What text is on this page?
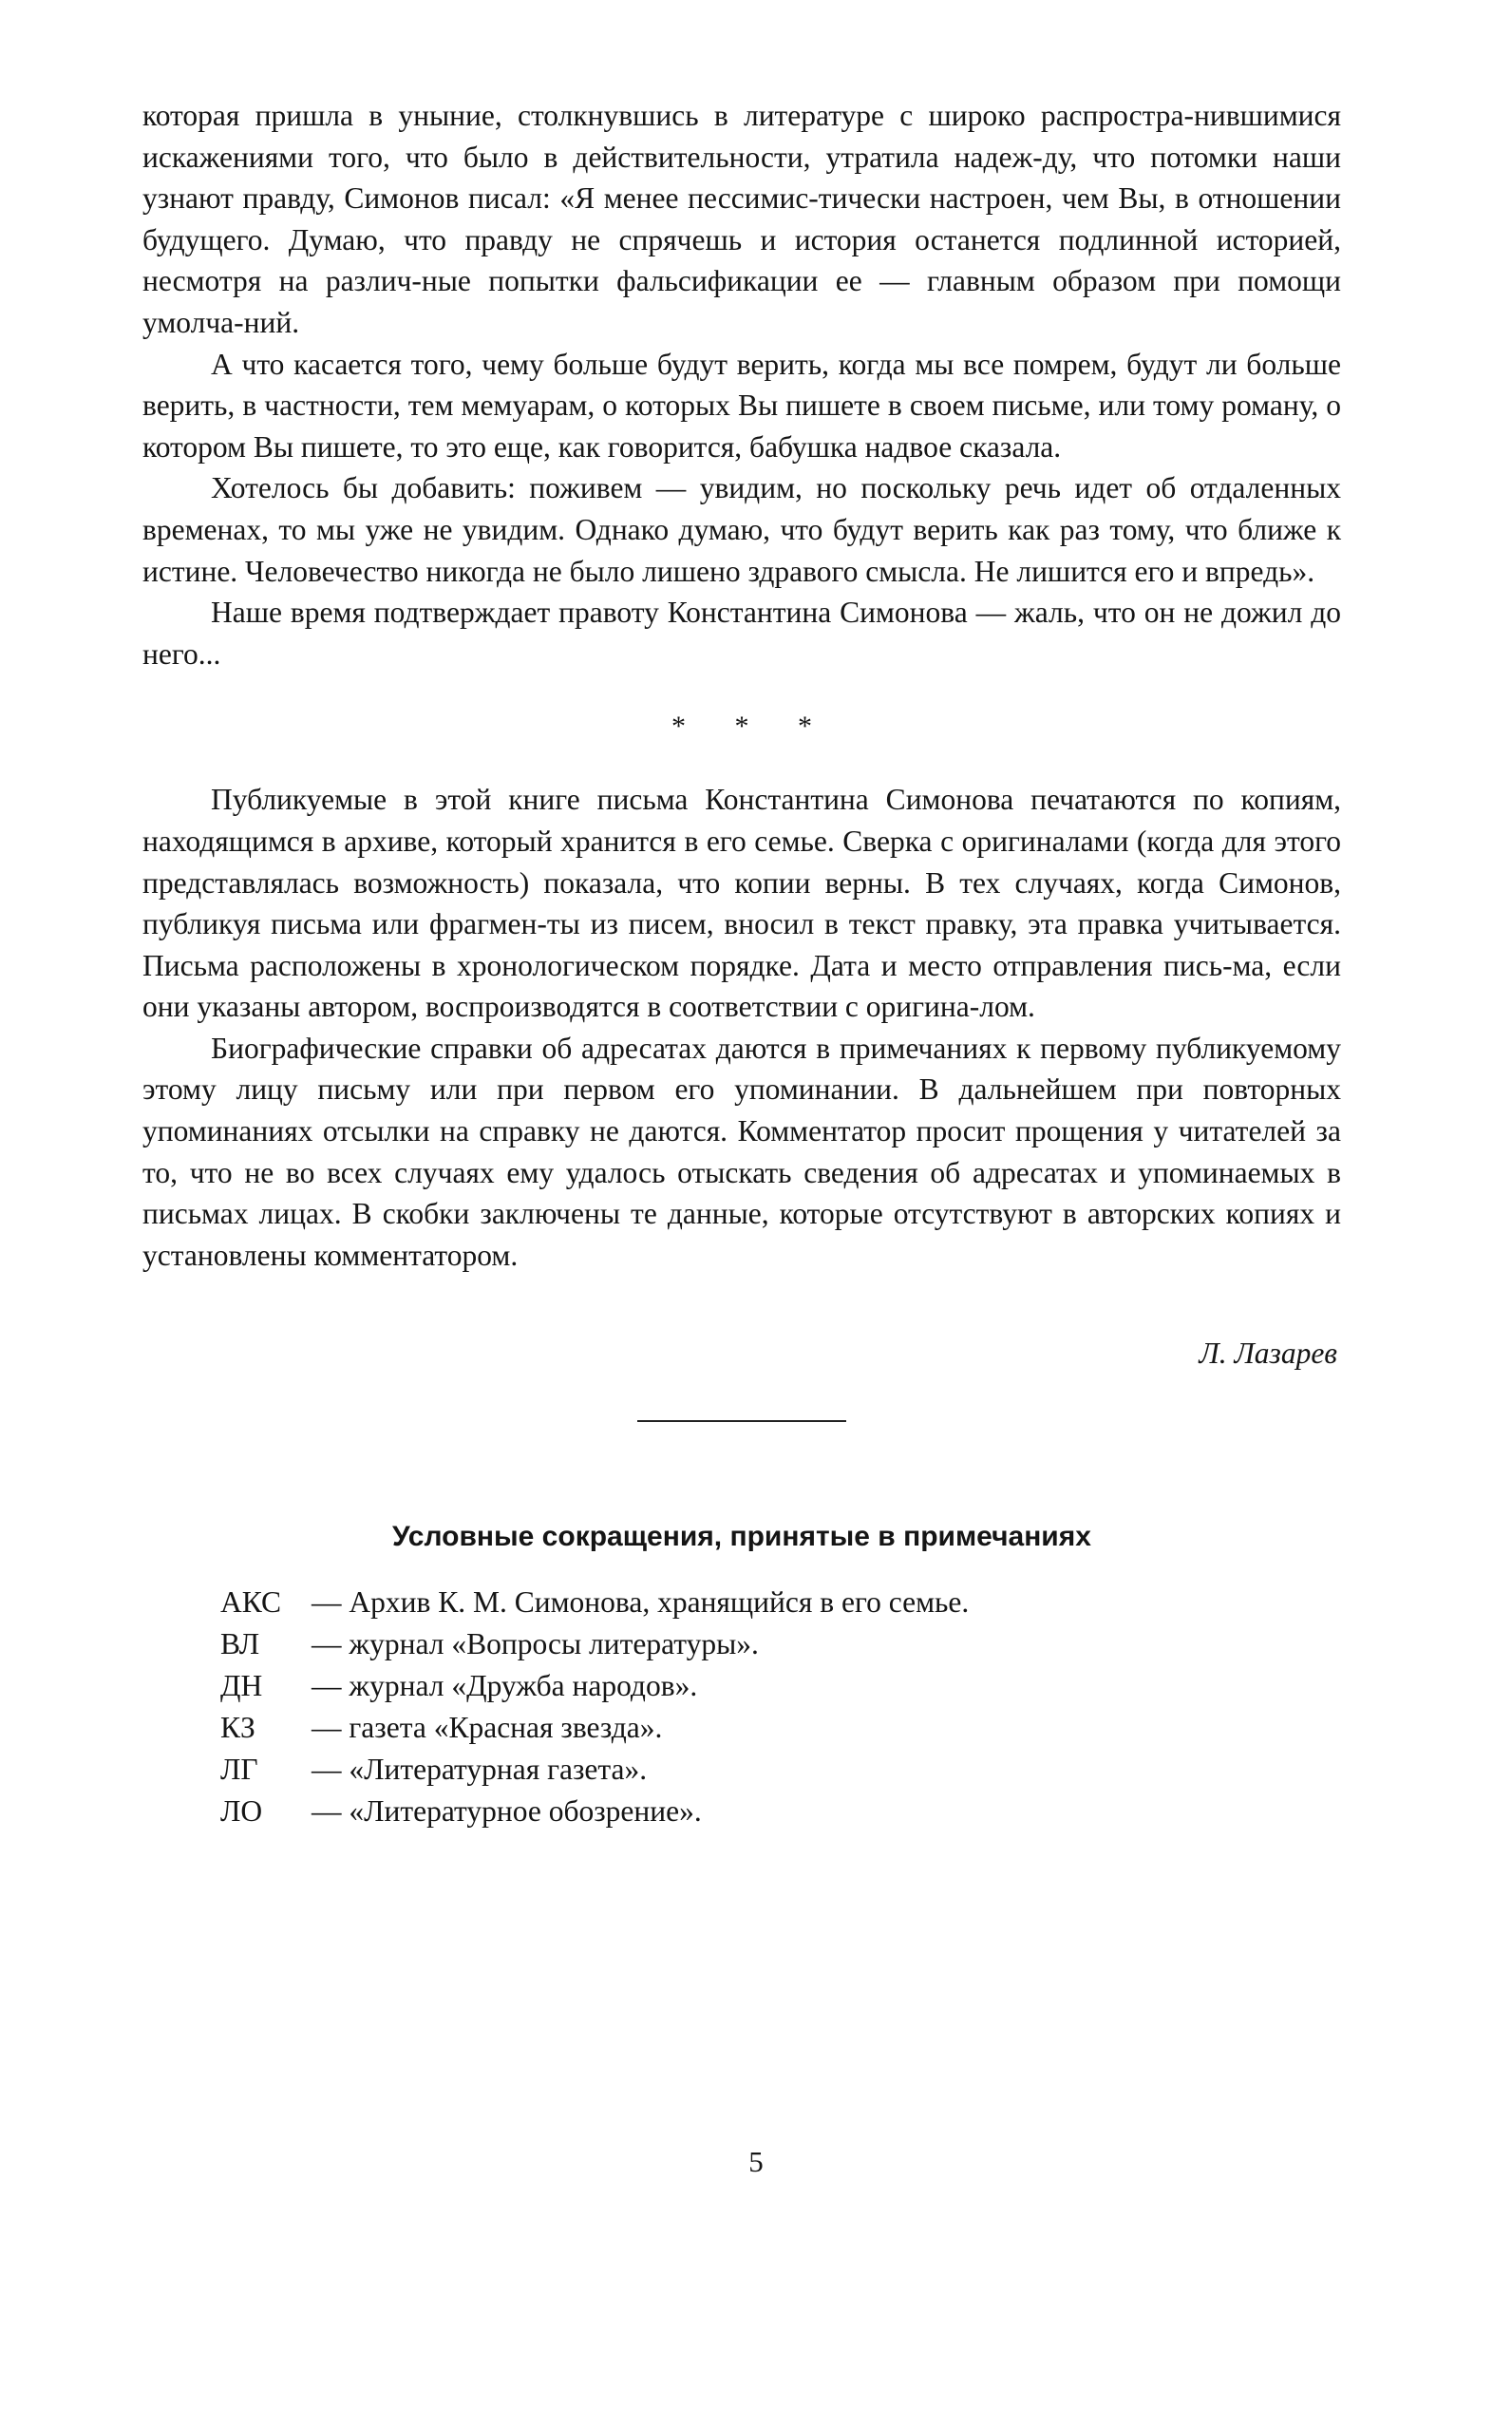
которая пришла в уныние, столкнувшись в литературе с широко распростра-нившимися искажениями того, что было в действительности, утратила надеж-ду, что потомки наши узнают правду, Симонов писал: «Я менее пессимис-тически настроен, чем Вы, в отношении будущего. Думаю, что правду не спрячешь и история останется подлинной историей, несмотря на различ-ные попытки фальсификации ее — главным образом при помощи умолча-ний.

А что касается того, чему больше будут верить, когда мы все помрем, будут ли больше верить, в частности, тем мемуарам, о которых Вы пишете в своем письме, или тому роману, о котором Вы пишете, то это еще, как говорится, бабушка надвое сказала.

Хотелось бы добавить: поживем — увидим, но поскольку речь идет об отдаленных временах, то мы уже не увидим. Однако думаю, что будут верить как раз тому, что ближе к истине. Человечество никогда не было лишено здравого смысла. Не лишится его и впредь».

Наше время подтверждает правоту Константина Симонова — жаль, что он не дожил до него...

* * *

Публикуемые в этой книге письма Константина Симонова печатаются по копиям, находящимся в архиве, который хранится в его семье. Сверка с оригиналами (когда для этого представлялась возможность) показала, что копии верны. В тех случаях, когда Симонов, публикуя письма или фрагмен-ты из писем, вносил в текст правку, эта правка учитывается. Письма расположены в хронологическом порядке. Дата и место отправления пись-ма, если они указаны автором, воспроизводятся в соответствии с оригина-лом.

Биографические справки об адресатах даются в примечаниях к первому публикуемому этому лицу письму или при первом его упоминании. В дальнейшем при повторных упоминаниях отсылки на справку не даются. Комментатор просит прощения у читателей за то, что не во всех случаях ему удалось отыскать сведения об адресатах и упоминаемых в письмах лицах. В скобки заключены те данные, которые отсутствуют в авторских копиях и установлены комментатором.

Л. Лазарев
Условные сокращения, принятые в примечаниях
АКС — Архив К. М. Симонова, хранящийся в его семье.
ВЛ — журнал «Вопросы литературы».
ДН — журнал «Дружба народов».
КЗ — газета «Красная звезда».
ЛГ — «Литературная газета».
ЛО — «Литературное обозрение».
5
